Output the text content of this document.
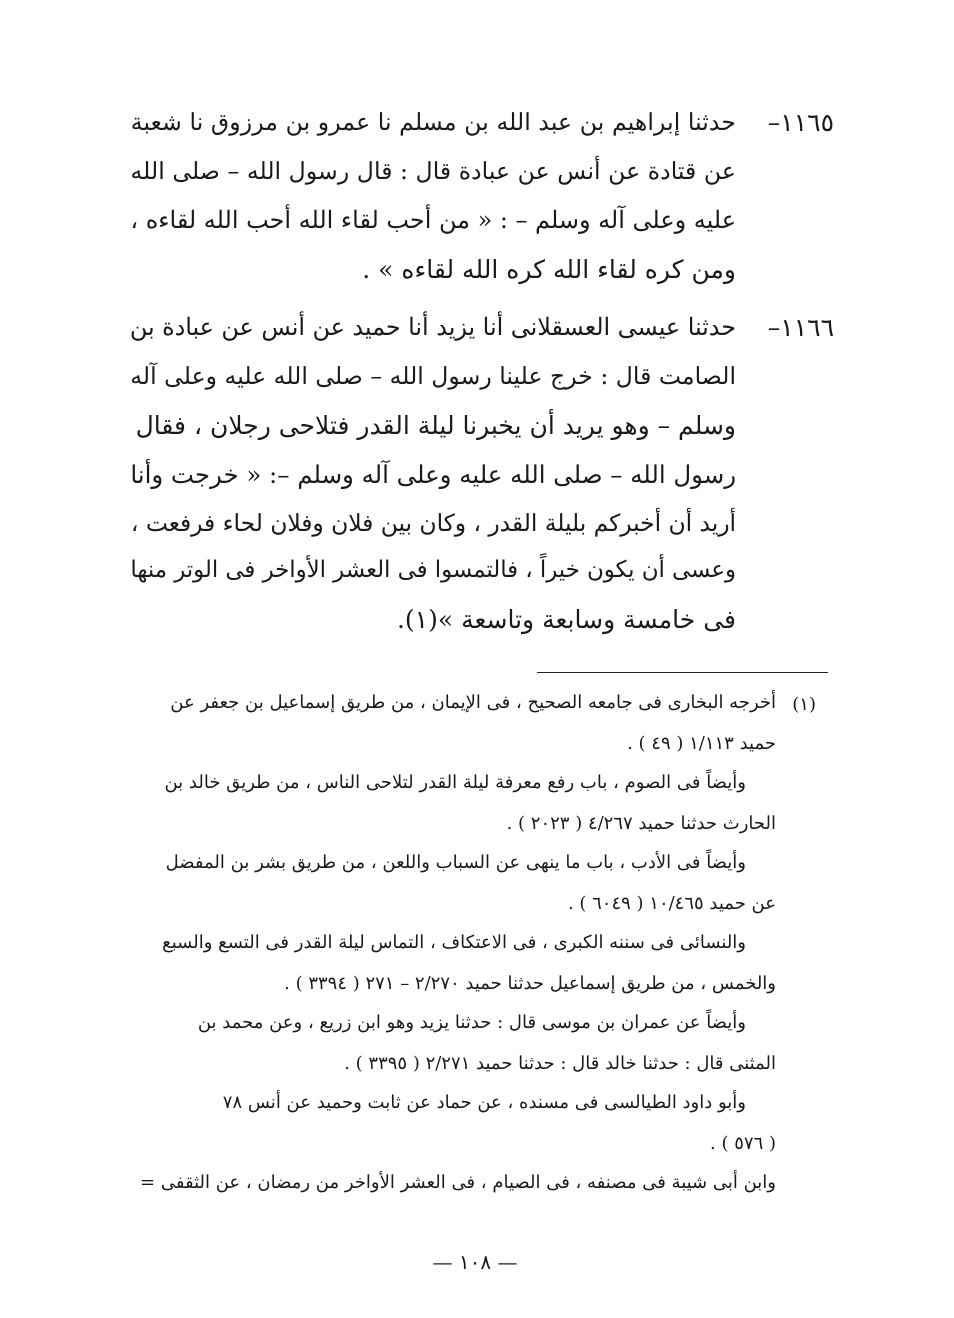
١١٦٥–
حدثنا إبراهيم بن عبد الله بن مسلم نا عمرو بن مرزوق نا شعبة
عن قتادة عن أنس عن عبادة قال : قال رسول الله – صلى الله
عليه وعلى آله وسلم – : « من أحب لقاء الله أحب الله لقاءه ،
ومن كره لقاء الله كره الله لقاءه » .
١١٦٦–
حدثنا عيسى العسقلانى أنا يزيد أنا حميد عن أنس عن عبادة بن
الصامت قال : خرج علينا رسول الله – صلى الله عليه وعلى آله
وسلم – وهو يريد أن يخبرنا ليلة القدر فتلاحى رجلان ، فقال
رسول الله – صلى الله عليه وعلى آله وسلم –: « خرجت وأنا
أريد أن أخبركم بليلة القدر ، وكان بين فلان وفلان لحاء فرفعت ،
وعسى أن يكون خيراً ، فالتمسوا فى العشر الأواخر فى الوتر منها
فى خامسة وسابعة وتاسعة »(١).
(١)
أخرجه البخارى فى جامعه الصحيح ، فى الإيمان ، من طريق إسماعيل بن جعفر عن
حميد ١/١١٣ ( ٤٩ ) .
وأيضاً فى الصوم ، باب رفع معرفة ليلة القدر لتلاحى الناس ، من طريق خالد بن
الحارث حدثنا حميد ٤/٢٦٧ ( ٢٠٢٣ ) .
وأيضاً فى الأدب ، باب ما ينهى عن السباب واللعن ، من طريق بشر بن المفضل
عن حميد ١٠/٤٦٥ ( ٦٠٤٩ ) .
والنسائى فى سننه الكبرى ، فى الاعتكاف ، التماس ليلة القدر فى التسع والسبع
والخمس ، من طريق إسماعيل حدثنا حميد ٢/٢٧٠ – ٢٧١ ( ٣٣٩٤ ) .
وأيضاً عن عمران بن موسى قال : حدثنا يزيد وهو ابن زريع ، وعن محمد بن
المثنى قال : حدثنا خالد قال : حدثنا حميد ٢/٢٧١ ( ٣٣٩٥ ) .
وأبو داود الطيالسى فى مسنده ، عن حماد عن ثابت وحميد عن أنس ٧٨
( ٥٧٦ ) .
وابن أبى شيبة فى مصنفه ، فى الصيام ، فى العشر الأواخر من رمضان ، عن الثقفى =
— ١٠٨ —
